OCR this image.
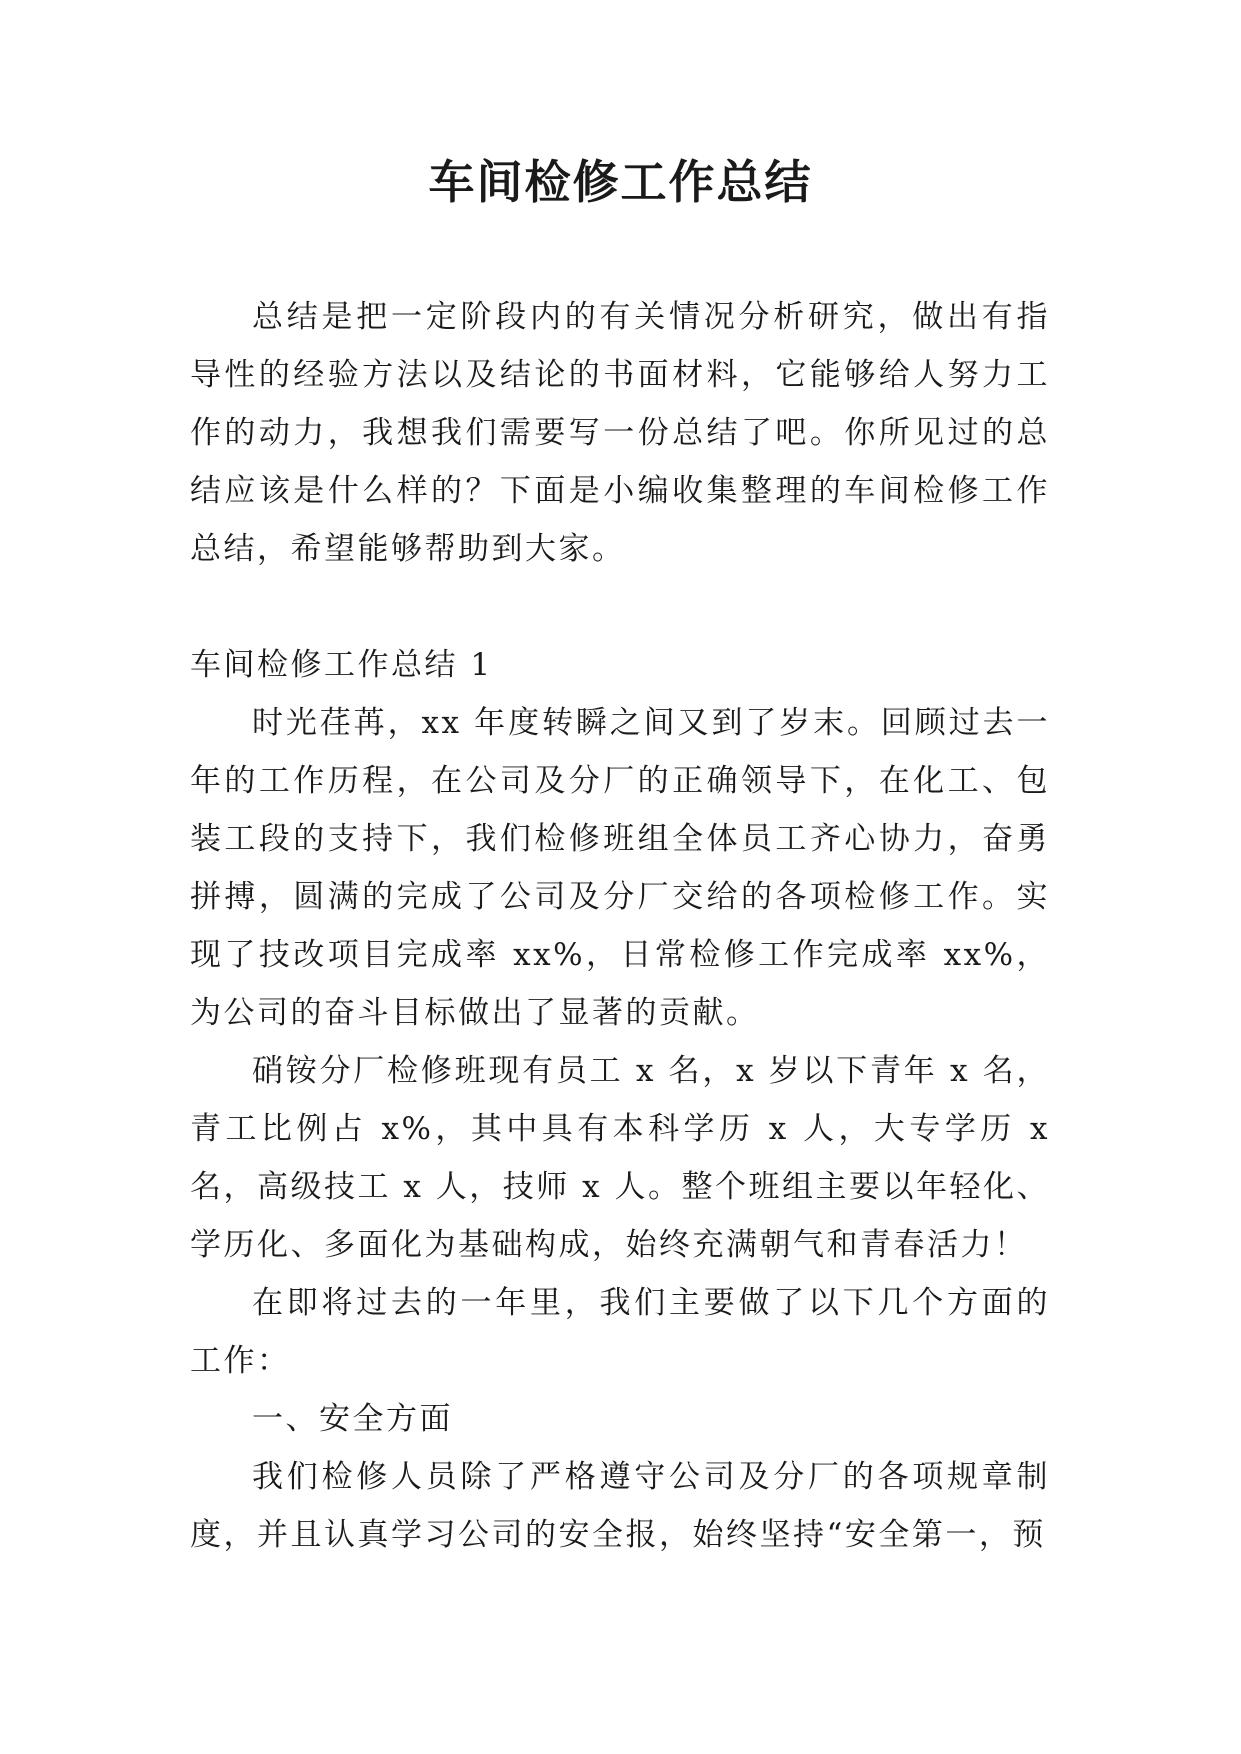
车间检修工作总结

总结是把一定阶段内的有关情况分析研究，做出有指导性的经验方法以及结论的书面材料，它能够给人努力工作的动力，我想我们需要写一份总结了吧。你所见过的总结应该是什么样的？下面是小编收集整理的车间检修工作总结，希望能够帮助到大家。

车间检修工作总结 1

时光荏苒，xx 年度转瞬之间又到了岁末。回顾过去一年的工作历程，在公司及分厂的正确领导下，在化工、包装工段的支持下，我们检修班组全体员工齐心协力，奋勇拼搏，圆满的完成了公司及分厂交给的各项检修工作。实现了技改项目完成率 xx%，日常检修工作完成率 xx%，为公司的奋斗目标做出了显著的贡献。

硝铵分厂检修班现有员工 x 名，x 岁以下青年 x 名，青工比例占 x%，其中具有本科学历 x 人，大专学历 x 名，高级技工 x 人，技师 x 人。整个班组主要以年轻化、学历化、多面化为基础构成，始终充满朝气和青春活力！

在即将过去的一年里，我们主要做了以下几个方面的工作：

一、安全方面

我们检修人员除了严格遵守公司及分厂的各项规章制度，并且认真学习公司的安全报，始终坚持“安全第一，预
